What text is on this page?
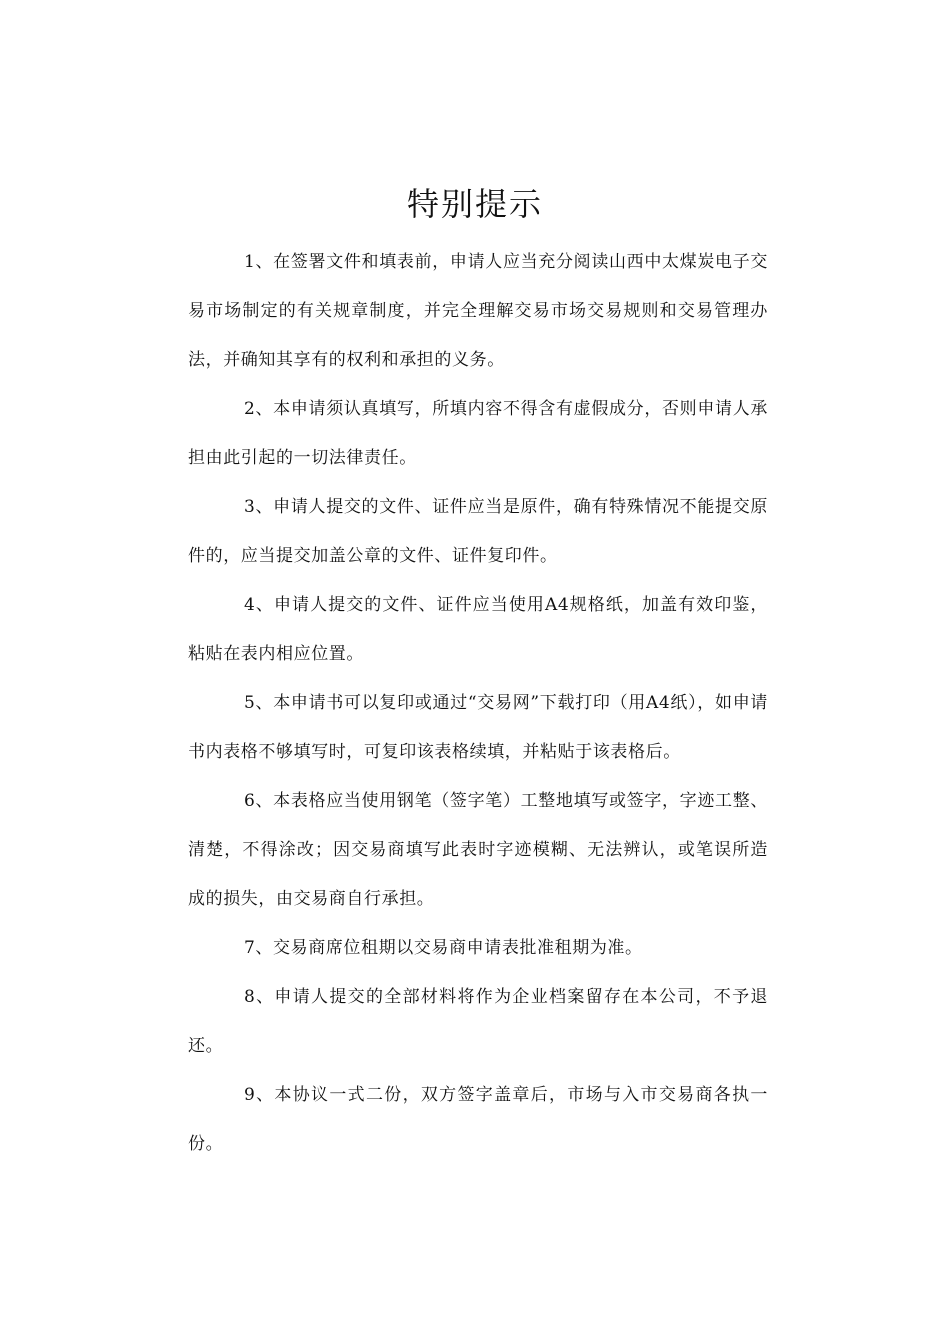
特别提示

1、在签署文件和填表前，申请人应当充分阅读山西中太煤炭电子交易市场制定的有关规章制度，并完全理解交易市场交易规则和交易管理办法，并确知其享有的权利和承担的义务。

2、本申请须认真填写，所填内容不得含有虚假成分，否则申请人承担由此引起的一切法律责任。

3、申请人提交的文件、证件应当是原件，确有特殊情况不能提交原件的，应当提交加盖公章的文件、证件复印件。

4、申请人提交的文件、证件应当使用A4规格纸，加盖有效印鉴，粘贴在表内相应位置。

5、本申请书可以复印或通过“交易网”下载打印（用A4纸），如申请书内表格不够填写时，可复印该表格续填，并粘贴于该表格后。

6、本表格应当使用钢笔（签字笔）工整地填写或签字，字迹工整、清楚，不得涂改；因交易商填写此表时字迹模糊、无法辨认，或笔误所造成的损失，由交易商自行承担。

7、交易商席位租期以交易商申请表批准租期为准。

8、申请人提交的全部材料将作为企业档案留存在本公司，不予退还。

9、本协议一式二份，双方签字盖章后，市场与入市交易商各执一份。
